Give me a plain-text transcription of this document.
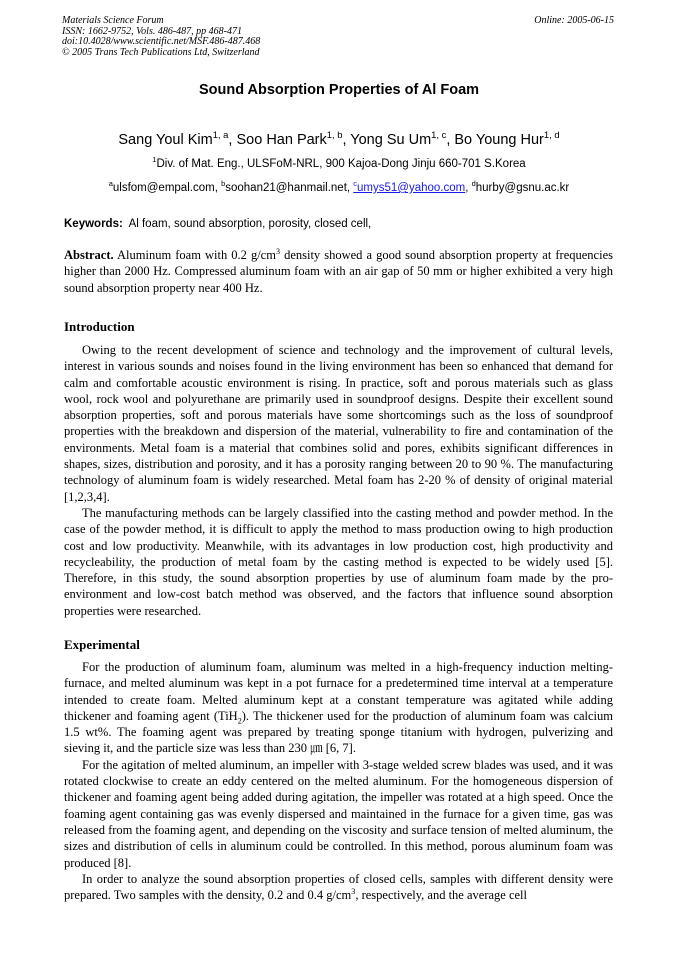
Materials Science Forum
ISSN: 1662-9752, Vols. 486-487, pp 468-471
doi:10.4028/www.scientific.net/MSF.486-487.468
© 2005 Trans Tech Publications Ltd, Switzerland
Online: 2005-06-15
Sound Absorption Properties of Al Foam
Sang Youl Kim$^{1, a}$, Soo Han Park$^{1, b}$, Yong Su Um$^{1, c}$, Bo Young Hur$^{1, d}$
$^1$Div. of Mat. Eng., ULSFoM-NRL, 900 Kajoa-Dong Jinju 660-701 S.Korea
$^a$ulsfom@empal.com, $^b$soohan21@hanmail.net, $^c$umys51@yahoo.com, $^d$hurby@gsnu.ac.kr
Keywords: Al foam, sound absorption, porosity, closed cell,

Abstract. Aluminum foam with 0.2 $g/cm^3$ density showed a good sound absorption property at frequencies higher than 2000 Hz. Compressed aluminum foam with an air gap of 50 mm or higher exhibited a very high sound absorption property near 400 Hz.

Introduction

Owing to the recent development of science and technology and the improvement of cultural levels, interest in various sounds and noises found in the living environment has been so enhanced that demand for calm and comfortable acoustic environment is rising. In practice, soft and porous materials such as glass wool, rock wool and polyurethane are primarily used in soundproof designs. Despite their excellent sound absorption properties, soft and porous materials have some shortcomings such as the loss of soundproof properties with the breakdown and dispersion of the material, vulnerability to fire and contamination of the environments. Metal foam is a material that combines solid and pores, exhibits significant differences in shapes, sizes, distribution and porosity, and it has a porosity ranging between 20 to 90 %. The manufacturing technology of aluminum foam is widely researched. Metal foam has 2-20 % of density of original material [1,2,3,4].

The manufacturing methods can be largely classified into the casting method and powder method. In the case of the powder method, it is difficult to apply the method to mass production owing to high production cost and low productivity. Meanwhile, with its advantages in low production cost, high productivity and recycleability, the production of metal foam by the casting method is expected to be widely used [5]. Therefore, in this study, the sound absorption properties by use of aluminum foam made by the pro-environment and low-cost batch method was observed, and the factors that influence sound absorption properties were researched.

Experimental

For the production of aluminum foam, aluminum was melted in a high-frequency induction melting-furnace, and melted aluminum was kept in a pot furnace for a predetermined time interval at a temperature intended to create foam. Melted aluminum kept at a constant temperature was agitated while adding thickener and foaming agent (TiH$_2$). The thickener used for the production of aluminum foam was calcium 1.5 wt%. The foaming agent was prepared by treating sponge titanium with hydrogen, pulverizing and sieving it, and the particle size was less than 230 ㎛ [6, 7].

For the agitation of melted aluminum, an impeller with 3-stage welded screw blades was used, and it was rotated clockwise to create an eddy centered on the melted aluminum. For the homogeneous dispersion of thickener and foaming agent being added during agitation, the impeller was rotated at a high speed. Once the foaming agent containing gas was evenly dispersed and maintained in the furnace for a given time, gas was released from the foaming agent, and depending on the viscosity and surface tension of melted aluminum, the sizes and distribution of cells in aluminum could be controlled. In this method, porous aluminum foam was produced [8].

In order to analyze the sound absorption properties of closed cells, samples with different density were prepared. Two samples with the density, 0.2 and 0.4 $g/cm^3$, respectively, and the average cell
